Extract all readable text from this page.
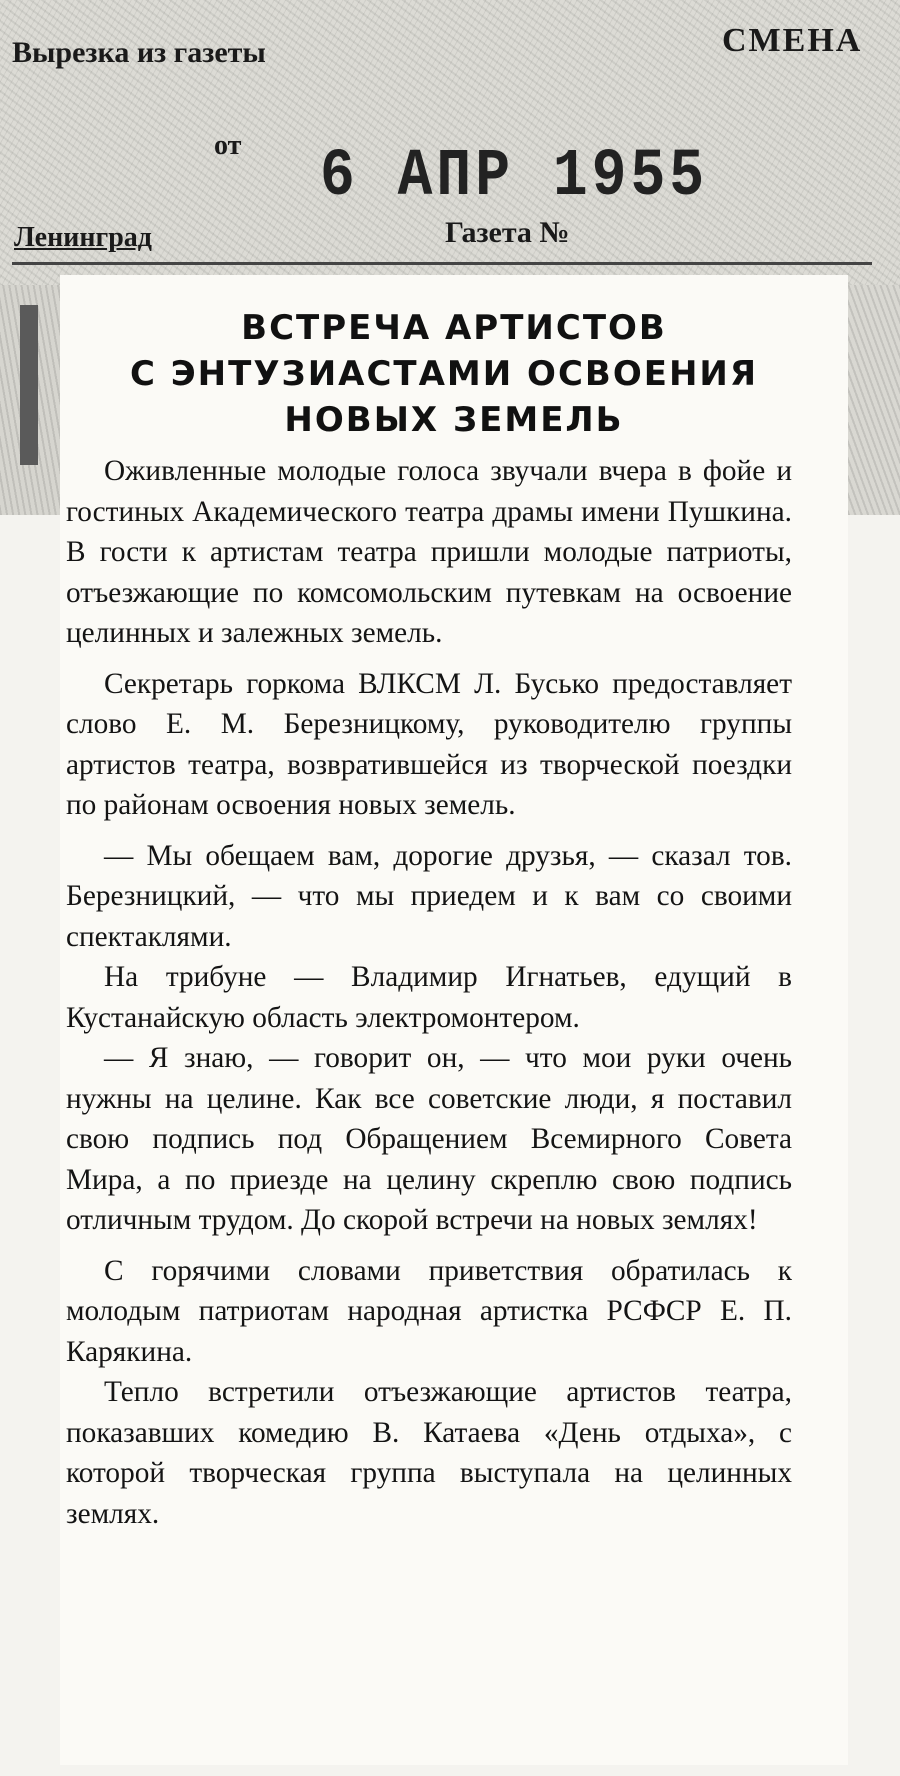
Вырезка из газеты	СМЕНА
от 6 АПР 1955
Ленинград	Газета №
ВСТРЕЧА АРТИСТОВ
С ЭНТУЗИАСТАМИ ОСВОЕНИЯ
НОВЫХ ЗЕМЕЛЬ

Оживленные молодые голоса звучали вчера в фойе и гостиных Академического театра драмы имени Пушкина. В гости к артистам театра пришли молодые патриоты, отъезжающие по комсомольским путевкам на освоение целинных и залежных земель.

Секретарь горкома ВЛКСМ Л. Бусько предоставляет слово Е. М. Березницкому, руководителю группы артистов театра, возвратившейся из творческой поездки по районам освоения новых земель.

— Мы обещаем вам, дорогие друзья, — сказал тов. Березницкий, — что мы приедем и к вам со своими спектаклями.

На трибуне — Владимир Игнатьев, едущий в Кустанайскую область электромонтером.

— Я знаю, — говорит он, — что мои руки очень нужны на целине. Как все советские люди, я поставил свою подпись под Обращением Всемирного Совета Мира, а по приезде на целину скреплю свою подпись отличным трудом. До скорой встречи на новых землях!

С горячими словами приветствия обратилась к молодым патриотам народная артистка РСФСР Е. П. Карякина.

Тепло встретили отъезжающие артистов театра, показавших комедию В. Катаева «День отдыха», с которой творческая группа выступала на целинных землях.
